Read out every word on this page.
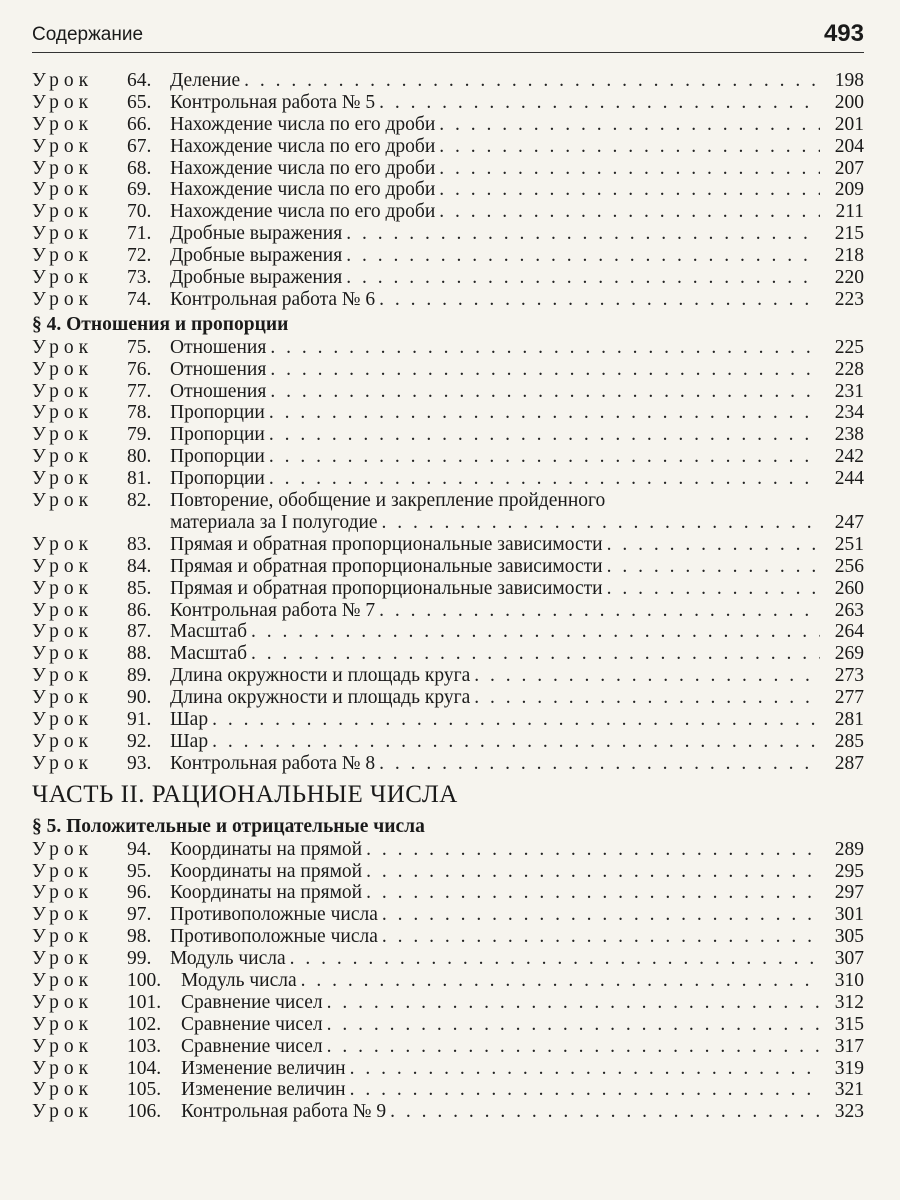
Содержание	493
Урок	64. Деление . . .	198
Урок	65. Контрольная работа № 5 . . .	200
Урок	66. Нахождение числа по его дроби . . .	201
Урок	67. Нахождение числа по его дроби . . .	204
Урок	68. Нахождение числа по его дроби . . .	207
Урок	69. Нахождение числа по его дроби . . .	209
Урок	70. Нахождение числа по его дроби . . .	211
Урок	71. Дробные выражения . . .	215
Урок	72. Дробные выражения . . .	218
Урок	73. Дробные выражения . . .	220
Урок	74. Контрольная работа № 6 . . .	223
§ 4. Отношения и пропорции
Урок	75. Отношения . . .	225
Урок	76. Отношения . . .	228
Урок	77. Отношения . . .	231
Урок	78. Пропорции . . .	234
Урок	79. Пропорции . . .	238
Урок	80. Пропорции . . .	242
Урок	81. Пропорции . . .	244
Урок	82. Повторение, обобщение и закрепление пройденного
материала за I полугодие . . .	247
Урок	83. Прямая и обратная пропорциональные зависимости . . .	251
Урок	84. Прямая и обратная пропорциональные зависимости . . .	256
Урок	85. Прямая и обратная пропорциональные зависимости . . .	260
Урок	86. Контрольная работа № 7 . . .	263
Урок	87. Масштаб . . .	264
Урок	88. Масштаб . . .	269
Урок	89. Длина окружности и площадь круга . . .	273
Урок	90. Длина окружности и площадь круга . . .	277
Урок	91. Шар . . .	281
Урок	92. Шар . . .	285
Урок	93. Контрольная работа № 8 . . .	287
ЧАСТЬ II. РАЦИОНАЛЬНЫЕ ЧИСЛА
§ 5. Положительные и отрицательные числа
Урок	94. Координаты на прямой . . .	289
Урок	95. Координаты на прямой . . .	295
Урок	96. Координаты на прямой . . .	297
Урок	97. Противоположные числа . . .	301
Урок	98. Противоположные числа . . .	305
Урок	99. Модуль числа . . .	307
Урок	100.	Модуль числа . . .	310
Урок	101.	Сравнение чисел . . .	312
Урок	102.	Сравнение чисел . . .	315
Урок	103.	Сравнение чисел . . .	317
Урок	104.	Изменение величин . . .	319
Урок	105.	Изменение величин . . .	321
Урок	106.	Контрольная работа № 9 . . .	323
